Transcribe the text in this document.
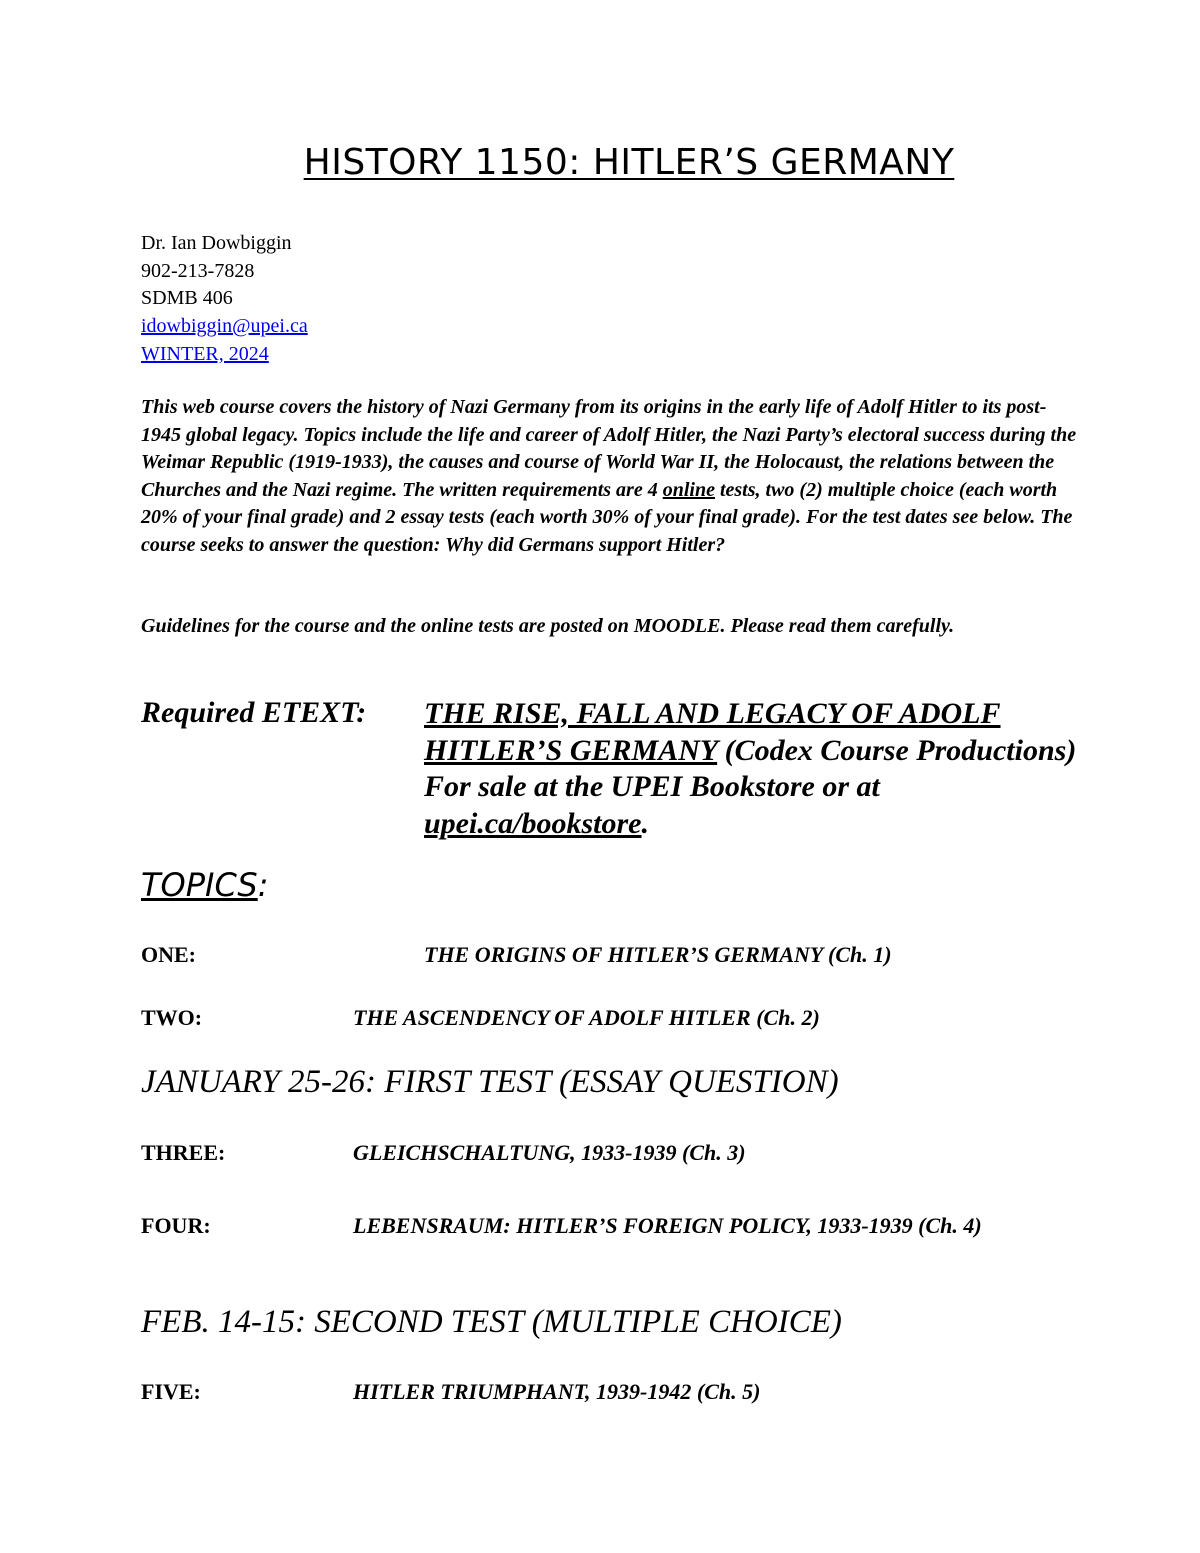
HISTORY 1150: HITLER’S GERMANY
Dr. Ian Dowbiggin
902-213-7828
SDMB 406
idowbiggin@upei.ca
WINTER, 2024
This web course covers the history of Nazi Germany from its origins in the early life of Adolf Hitler to its post-1945 global legacy. Topics include the life and career of Adolf Hitler, the Nazi Party’s electoral success during the Weimar Republic (1919-1933), the causes and course of World War II, the Holocaust, the relations between the Churches and the Nazi regime. The written requirements are 4 online tests, two (2) multiple choice (each worth 20% of your final grade) and 2 essay tests (each worth 30% of your final grade). For the test dates see below. The course seeks to answer the question: Why did Germans support Hitler?
Guidelines for the course and the online tests are posted on MOODLE. Please read them carefully.
Required ETEXT: THE RISE, FALL AND LEGACY OF ADOLF HITLER’S GERMANY (Codex Course Productions) For sale at the UPEI Bookstore or at upei.ca/bookstore.
TOPICS:
ONE:	THE ORIGINS OF HITLER’S GERMANY (Ch. 1)
TWO:	THE ASCENDENCY OF ADOLF HITLER (Ch. 2)
JANUARY 25-26: FIRST TEST (ESSAY QUESTION)
THREE:	GLEICHSCHALTUNG, 1933-1939 (Ch. 3)
FOUR:	LEBENSRAUM: HITLER’S FOREIGN POLICY, 1933-1939 (Ch. 4)
FEB. 14-15: SECOND TEST (MULTIPLE CHOICE)
FIVE:	HITLER TRIUMPHANT, 1939-1942 (Ch. 5)
